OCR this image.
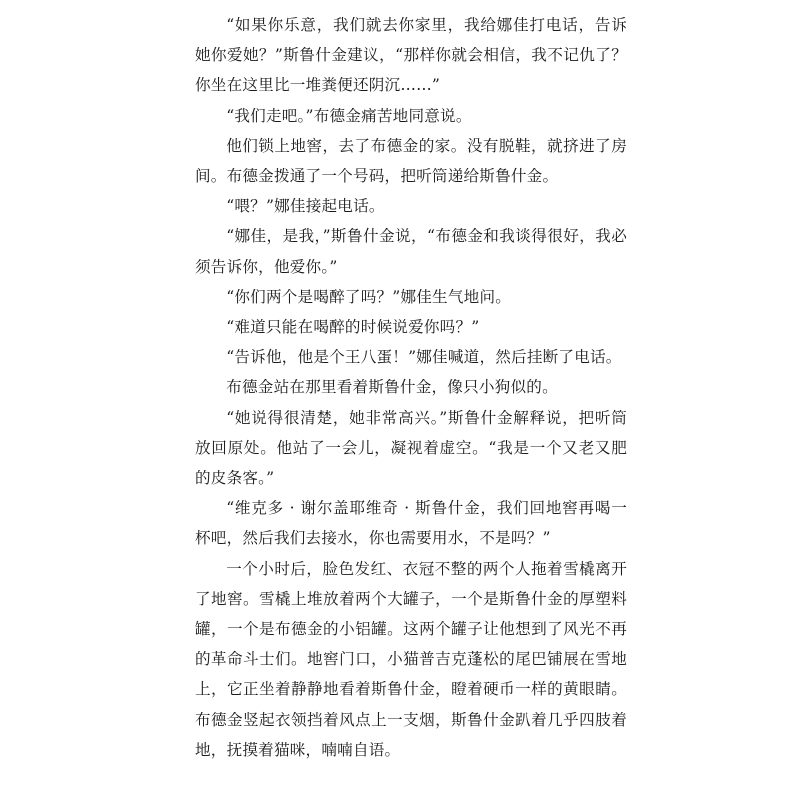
“如果你乐意，我们就去你家里，我给娜佳打电话，告诉她你爱她？”斯鲁什金建议，“那样你就会相信，我不记仇了？你坐在这里比一堆粪便还阴沉……”

“我们走吧。”布德金痛苦地同意说。

他们锁上地窖，去了布德金的家。没有脱鞋，就挤进了房间。布德金拨通了一个号码，把听筒递给斯鲁什金。

“喂？”娜佳接起电话。

“娜佳，是我，”斯鲁什金说，“布德金和我谈得很好，我必须告诉你，他爱你。”

“你们两个是喝醉了吗？”娜佳生气地问。

“难道只能在喝醉的时候说爱你吗？”

“告诉他，他是个王八蛋！”娜佳喊道，然后挂断了电话。

布德金站在那里看着斯鲁什金，像只小狗似的。

“她说得很清楚，她非常高兴。”斯鲁什金解释说，把听筒放回原处。他站了一会儿，凝视着虚空。“我是一个又老又肥的皮条客。”

“维克多 · 谢尔盖耶维奇 · 斯鲁什金，我们回地窖再喝一杯吧，然后我们去接水，你也需要用水，不是吗？”

一个小时后，脸色发红、衣冠不整的两个人拖着雪橇离开了地窖。雪橇上堆放着两个大罐子，一个是斯鲁什金的厚塑料罐，一个是布德金的小铝罐。这两个罐子让他想到了风光不再的革命斗士们。地窖门口，小猫普吉克蓬松的尾巴铺展在雪地上，它正坐着静静地看着斯鲁什金，瞪着硬币一样的黄眼睛。布德金竖起衣领挡着风点上一支烟，斯鲁什金趴着几乎四肢着地，抚摸着猫咪，喃喃自语。
